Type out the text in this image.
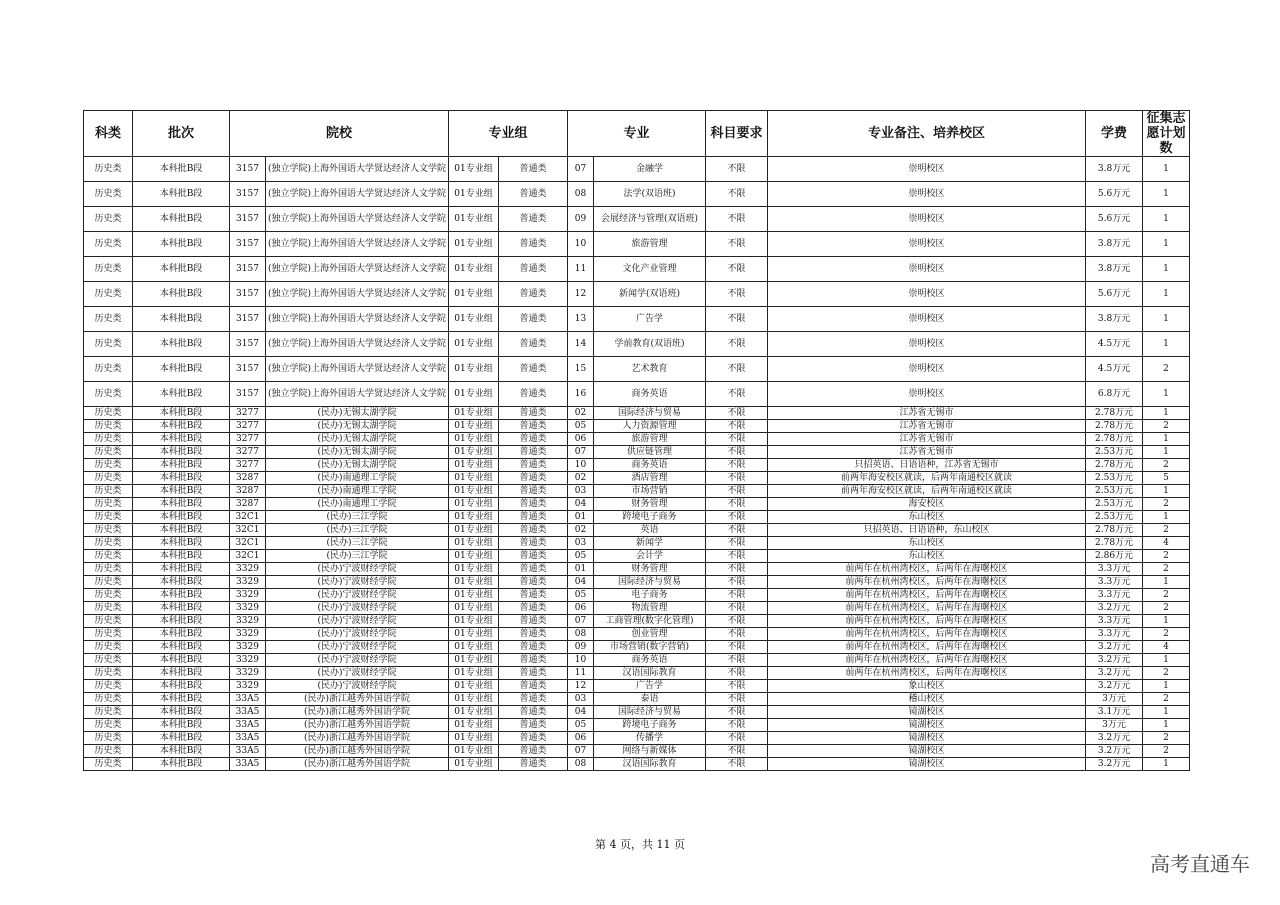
科类	批次	院校		专业组		专业		科目要求	专业备注、培养校区	学费	征集志愿计划数
历史类	本科批B段	3157	(独立学院)上海外国语大学贤达经济人文学院	01专业组	普通类	07	金融学	不限	崇明校区	3.8万元	1
历史类	本科批B段	3157	(独立学院)上海外国语大学贤达经济人文学院	01专业组	普通类	08	法学(双语班)	不限	崇明校区	5.6万元	1
历史类	本科批B段	3157	(独立学院)上海外国语大学贤达经济人文学院	01专业组	普通类	09	会展经济与管理(双语班)	不限	崇明校区	5.6万元	1
历史类	本科批B段	3157	(独立学院)上海外国语大学贤达经济人文学院	01专业组	普通类	10	旅游管理	不限	崇明校区	3.8万元	1
历史类	本科批B段	3157	(独立学院)上海外国语大学贤达经济人文学院	01专业组	普通类	11	文化产业管理	不限	崇明校区	3.8万元	1
历史类	本科批B段	3157	(独立学院)上海外国语大学贤达经济人文学院	01专业组	普通类	12	新闻学(双语班)	不限	崇明校区	5.6万元	1
历史类	本科批B段	3157	(独立学院)上海外国语大学贤达经济人文学院	01专业组	普通类	13	广告学	不限	崇明校区	3.8万元	1
历史类	本科批B段	3157	(独立学院)上海外国语大学贤达经济人文学院	01专业组	普通类	14	学前教育(双语班)	不限	崇明校区	4.5万元	1
历史类	本科批B段	3157	(独立学院)上海外国语大学贤达经济人文学院	01专业组	普通类	15	艺术教育	不限	崇明校区	4.5万元	2
历史类	本科批B段	3157	(独立学院)上海外国语大学贤达经济人文学院	01专业组	普通类	16	商务英语	不限	崇明校区	6.8万元	1
历史类	本科批B段	3277	(民办)无锡太湖学院	01专业组	普通类	02	国际经济与贸易	不限	江苏省无锡市	2.78万元	1
历史类	本科批B段	3277	(民办)无锡太湖学院	01专业组	普通类	05	人力资源管理	不限	江苏省无锡市	2.78万元	2
历史类	本科批B段	3277	(民办)无锡太湖学院	01专业组	普通类	06	旅游管理	不限	江苏省无锡市	2.78万元	1
历史类	本科批B段	3277	(民办)无锡太湖学院	01专业组	普通类	07	供应链管理	不限	江苏省无锡市	2.53万元	1
历史类	本科批B段	3277	(民办)无锡太湖学院	01专业组	普通类	10	商务英语	不限	只招英语、日语语种，江苏省无锡市	2.78万元	2
历史类	本科批B段	3287	(民办)南通理工学院	01专业组	普通类	02	酒店管理	不限	前两年海安校区就读，后两年南通校区就读	2.53万元	5
历史类	本科批B段	3287	(民办)南通理工学院	01专业组	普通类	03	市场营销	不限	前两年海安校区就读，后两年南通校区就读	2.53万元	1
历史类	本科批B段	3287	(民办)南通理工学院	01专业组	普通类	04	财务管理	不限	海安校区	2.53万元	2
历史类	本科批B段	32C1	(民办)三江学院	01专业组	普通类	01	跨境电子商务	不限	东山校区	2.53万元	1
历史类	本科批B段	32C1	(民办)三江学院	01专业组	普通类	02	英语	不限	只招英语、日语语种，东山校区	2.78万元	2
历史类	本科批B段	32C1	(民办)三江学院	01专业组	普通类	03	新闻学	不限	东山校区	2.78万元	4
历史类	本科批B段	32C1	(民办)三江学院	01专业组	普通类	05	会计学	不限	东山校区	2.86万元	2
历史类	本科批B段	3329	(民办)宁波财经学院	01专业组	普通类	01	财务管理	不限	前两年在杭州湾校区，后两年在海曙校区	3.3万元	2
历史类	本科批B段	3329	(民办)宁波财经学院	01专业组	普通类	04	国际经济与贸易	不限	前两年在杭州湾校区，后两年在海曙校区	3.3万元	1
历史类	本科批B段	3329	(民办)宁波财经学院	01专业组	普通类	05	电子商务	不限	前两年在杭州湾校区，后两年在海曙校区	3.3万元	2
历史类	本科批B段	3329	(民办)宁波财经学院	01专业组	普通类	06	物流管理	不限	前两年在杭州湾校区，后两年在海曙校区	3.2万元	2
历史类	本科批B段	3329	(民办)宁波财经学院	01专业组	普通类	07	工商管理(数字化管理)	不限	前两年在杭州湾校区，后两年在海曙校区	3.3万元	1
历史类	本科批B段	3329	(民办)宁波财经学院	01专业组	普通类	08	创业管理	不限	前两年在杭州湾校区，后两年在海曙校区	3.3万元	2
历史类	本科批B段	3329	(民办)宁波财经学院	01专业组	普通类	09	市场营销(数字营销)	不限	前两年在杭州湾校区，后两年在海曙校区	3.2万元	4
历史类	本科批B段	3329	(民办)宁波财经学院	01专业组	普通类	10	商务英语	不限	前两年在杭州湾校区，后两年在海曙校区	3.2万元	1
历史类	本科批B段	3329	(民办)宁波财经学院	01专业组	普通类	11	汉语国际教育	不限	前两年在杭州湾校区，后两年在海曙校区	3.2万元	2
历史类	本科批B段	3329	(民办)宁波财经学院	01专业组	普通类	12	广告学	不限	象山校区	3.2万元	1
历史类	本科批B段	33A5	(民办)浙江越秀外国语学院	01专业组	普通类	03	泰语	不限	稽山校区	3万元	2
历史类	本科批B段	33A5	(民办)浙江越秀外国语学院	01专业组	普通类	04	国际经济与贸易	不限	镜湖校区	3.1万元	1
历史类	本科批B段	33A5	(民办)浙江越秀外国语学院	01专业组	普通类	05	跨境电子商务	不限	镜湖校区	3万元	1
历史类	本科批B段	33A5	(民办)浙江越秀外国语学院	01专业组	普通类	06	传播学	不限	镜湖校区	3.2万元	2
历史类	本科批B段	33A5	(民办)浙江越秀外国语学院	01专业组	普通类	07	网络与新媒体	不限	镜湖校区	3.2万元	2
历史类	本科批B段	33A5	(民办)浙江越秀外国语学院	01专业组	普通类	08	汉语国际教育	不限	镜湖校区	3.2万元	1
第 4 页，共 11 页
高考直通车
